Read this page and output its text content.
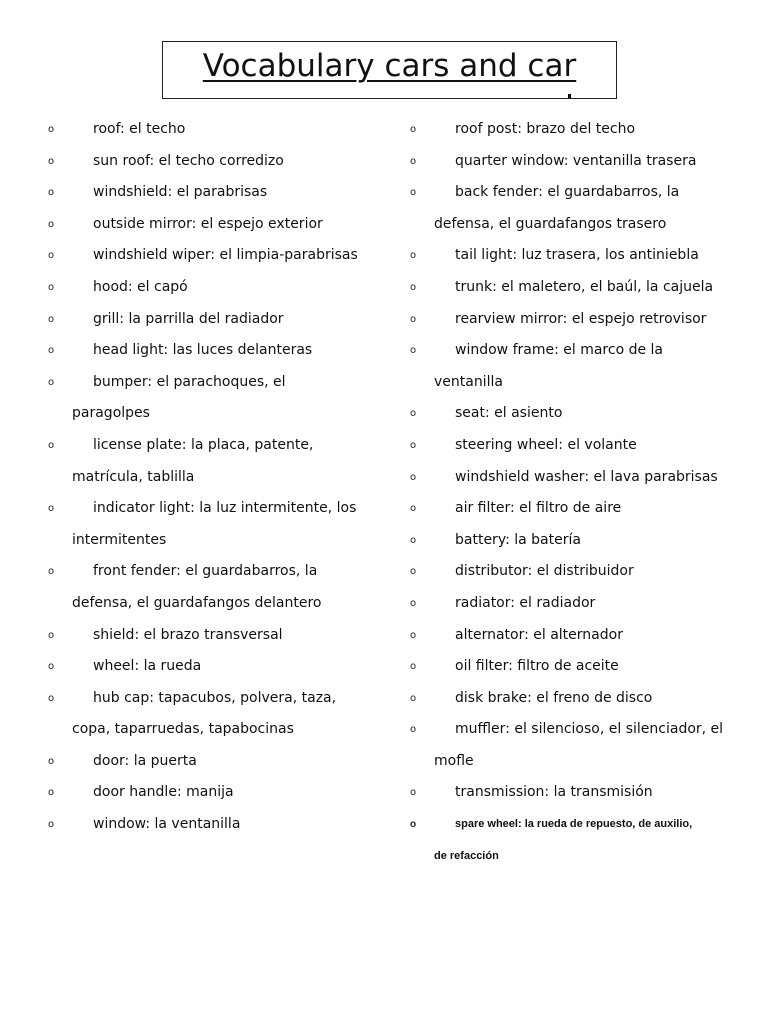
Vocabulary cars and car
o	roof: el techo
o	sun roof: el techo corredizo
o	windshield: el parabrisas
o	outside mirror: el espejo exterior
o	windshield wiper: el limpia-parabrisas
o	hood: el capó
o	grill: la parrilla del radiador
o	head light: las luces delanteras
o	bumper: el parachoques, el
paragolpes
o	license plate: la placa, patente,
matrícula, tablilla
o	indicator light: la luz intermitente, los
intermitentes
o	front fender: el guardabarros, la
defensa, el guardafangos delantero
o	shield: el brazo transversal
o	wheel: la rueda
o	hub cap: tapacubos, polvera, taza,
copa, taparruedas, tapabocinas
o	door: la puerta
o	door handle: manija
o	window: la ventanilla
o	roof post: brazo del techo
o	quarter window: ventanilla trasera
o	back fender: el guardabarros, la
defensa, el guardafangos trasero
o	tail light: luz trasera, los antiniebla
o	trunk: el maletero, el baúl, la cajuela
o	rearview mirror: el espejo retrovisor
o	window frame: el marco de la
ventanilla
o	seat: el asiento
o	steering wheel: el volante
o	windshield washer: el lava parabrisas
o	air filter: el filtro de aire
o	battery: la batería
o	distributor: el distribuidor
o	radiator: el radiador
o	alternator: el alternador
o	oil filter: filtro de aceite
o	disk brake: el freno de disco
o	muffler: el silencioso, el silenciador, el
mofle
o	transmission: la transmisión
o	spare wheel: la rueda de repuesto, de auxilio,
de refacción
